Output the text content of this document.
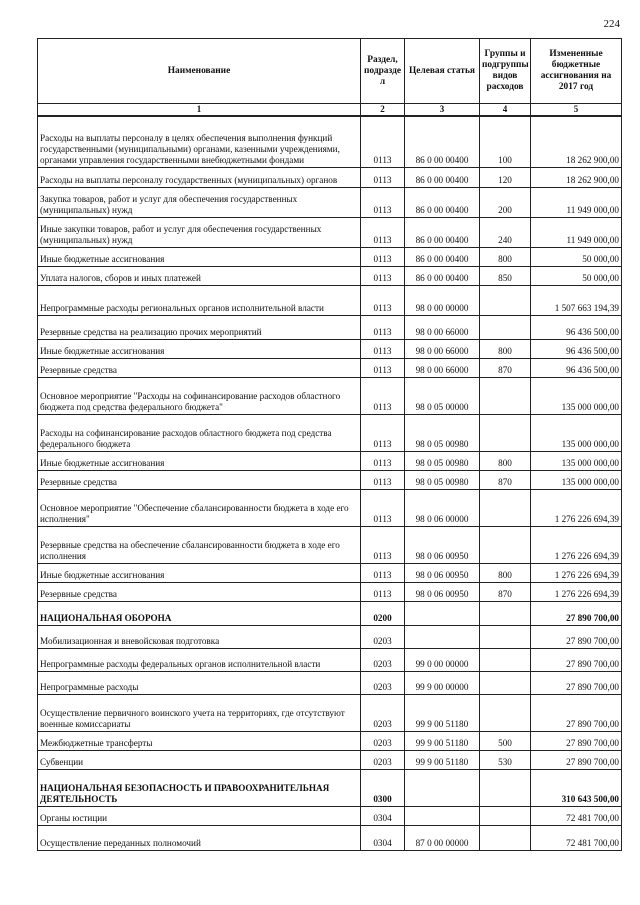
224
Наименование	Раздел, подразде л	Целевая статья	Группы и подгруппы видов расходов	Измененные бюджетные ассигнования на 2017 год
1	2	3	4	5
Расходы на выплаты персоналу в целях обеспечения выполнения функций государственными (муниципальными) органами, казенными учреждениями, органами управления государственными внебюджетными фондами	0113	86 0 00 00400	100	18 262 900,00
Расходы на выплаты персоналу государственных (муниципальных) органов	0113	86 0 00 00400	120	18 262 900,00
Закупка товаров, работ и услуг для обеспечения государственных (муниципальных) нужд	0113	86 0 00 00400	200	11 949 000,00
Иные закупки товаров, работ и услуг для обеспечения государственных (муниципальных) нужд	0113	86 0 00 00400	240	11 949 000,00
Иные бюджетные ассигнования	0113	86 0 00 00400	800	50 000,00
Уплата налогов, сборов и иных платежей	0113	86 0 00 00400	850	50 000,00
Непрограммные расходы региональных органов исполнительной власти	0113	98 0 00 00000		1 507 663 194,39
Резервные средства на реализацию прочих мероприятий	0113	98 0 00 66000		96 436 500,00
Иные бюджетные ассигнования	0113	98 0 00 66000	800	96 436 500,00
Резервные средства	0113	98 0 00 66000	870	96 436 500,00
Основное мероприятие "Расходы на софинансирование расходов областного бюджета под средства федерального бюджета"	0113	98 0 05 00000		135 000 000,00
Расходы на софинансирование расходов областного бюджета под средства федерального бюджета	0113	98 0 05 00980		135 000 000,00
Иные бюджетные ассигнования	0113	98 0 05 00980	800	135 000 000,00
Резервные средства	0113	98 0 05 00980	870	135 000 000,00
Основное мероприятие "Обеспечение сбалансированности бюджета в ходе его исполнения"	0113	98 0 06 00000		1 276 226 694,39
Резервные средства на обеспечение сбалансированности бюджета в ходе его исполнения	0113	98 0 06 00950		1 276 226 694,39
Иные бюджетные ассигнования	0113	98 0 06 00950	800	1 276 226 694,39
Резервные средства	0113	98 0 06 00950	870	1 276 226 694,39
НАЦИОНАЛЬНАЯ ОБОРОНА	0200			27 890 700,00
Мобилизационная и вневойсковая подготовка	0203			27 890 700,00
Непрограммные расходы федеральных органов исполнительной власти	0203	99 0 00 00000		27 890 700,00
Непрограммные расходы	0203	99 9 00 00000		27 890 700,00
Осуществление первичного воинского учета на территориях, где отсутствуют военные комиссариаты	0203	99 9 00 51180		27 890 700,00
Межбюджетные трансферты	0203	99 9 00 51180	500	27 890 700,00
Субвенции	0203	99 9 00 51180	530	27 890 700,00
НАЦИОНАЛЬНАЯ БЕЗОПАСНОСТЬ И ПРАВООХРАНИТЕЛЬНАЯ ДЕЯТЕЛЬНОСТЬ	0300			310 643 500,00
Органы юстиции	0304			72 481 700,00
Осуществление переданных полномочий	0304	87 0 00 00000		72 481 700,00
